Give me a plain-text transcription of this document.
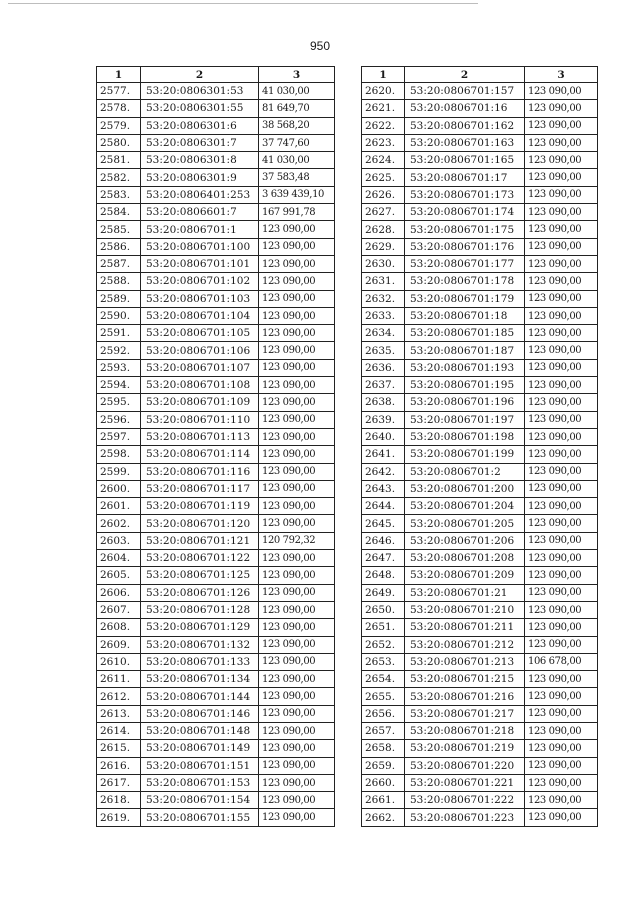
950
1	2	3
2577.	53:20:0806301:53	41 030,00
2578.	53:20:0806301:55	81 649,70
2579.	53:20:0806301:6	38 568,20
2580.	53:20:0806301:7	37 747,60
2581.	53:20:0806301:8	41 030,00
2582.	53:20:0806301:9	37 583,48
2583.	53:20:0806401:253	3 639 439,10
2584.	53:20:0806601:7	167 991,78
2585.	53:20:0806701:1	123 090,00
2586.	53:20:0806701:100	123 090,00
2587.	53:20:0806701:101	123 090,00
2588.	53:20:0806701:102	123 090,00
2589.	53:20:0806701:103	123 090,00
2590.	53:20:0806701:104	123 090,00
2591.	53:20:0806701:105	123 090,00
2592.	53:20:0806701:106	123 090,00
2593.	53:20:0806701:107	123 090,00
2594.	53:20:0806701:108	123 090,00
2595.	53:20:0806701:109	123 090,00
2596.	53:20:0806701:110	123 090,00
2597.	53:20:0806701:113	123 090,00
2598.	53:20:0806701:114	123 090,00
2599.	53:20:0806701:116	123 090,00
2600.	53:20:0806701:117	123 090,00
2601.	53:20:0806701:119	123 090,00
2602.	53:20:0806701:120	123 090,00
2603.	53:20:0806701:121	120 792,32
2604.	53:20:0806701:122	123 090,00
2605.	53:20:0806701:125	123 090,00
2606.	53:20:0806701:126	123 090,00
2607.	53:20:0806701:128	123 090,00
2608.	53:20:0806701:129	123 090,00
2609.	53:20:0806701:132	123 090,00
2610.	53:20:0806701:133	123 090,00
2611.	53:20:0806701:134	123 090,00
2612.	53:20:0806701:144	123 090,00
2613.	53:20:0806701:146	123 090,00
2614.	53:20:0806701:148	123 090,00
2615.	53:20:0806701:149	123 090,00
2616.	53:20:0806701:151	123 090,00
2617.	53:20:0806701:153	123 090,00
2618.	53:20:0806701:154	123 090,00
2619.	53:20:0806701:155	123 090,00
1	2	3
2620.	53:20:0806701:157	123 090,00
2621.	53:20:0806701:16	123 090,00
2622.	53:20:0806701:162	123 090,00
2623.	53:20:0806701:163	123 090,00
2624.	53:20:0806701:165	123 090,00
2625.	53:20:0806701:17	123 090,00
2626.	53:20:0806701:173	123 090,00
2627.	53:20:0806701:174	123 090,00
2628.	53:20:0806701:175	123 090,00
2629.	53:20:0806701:176	123 090,00
2630.	53:20:0806701:177	123 090,00
2631.	53:20:0806701:178	123 090,00
2632.	53:20:0806701:179	123 090,00
2633.	53:20:0806701:18	123 090,00
2634.	53:20:0806701:185	123 090,00
2635.	53:20:0806701:187	123 090,00
2636.	53:20:0806701:193	123 090,00
2637.	53:20:0806701:195	123 090,00
2638.	53:20:0806701:196	123 090,00
2639.	53:20:0806701:197	123 090,00
2640.	53:20:0806701:198	123 090,00
2641.	53:20:0806701:199	123 090,00
2642.	53:20:0806701:2	123 090,00
2643.	53:20:0806701:200	123 090,00
2644.	53:20:0806701:204	123 090,00
2645.	53:20:0806701:205	123 090,00
2646.	53:20:0806701:206	123 090,00
2647.	53:20:0806701:208	123 090,00
2648.	53:20:0806701:209	123 090,00
2649.	53:20:0806701:21	123 090,00
2650.	53:20:0806701:210	123 090,00
2651.	53:20:0806701:211	123 090,00
2652.	53:20:0806701:212	123 090,00
2653.	53:20:0806701:213	106 678,00
2654.	53:20:0806701:215	123 090,00
2655.	53:20:0806701:216	123 090,00
2656.	53:20:0806701:217	123 090,00
2657.	53:20:0806701:218	123 090,00
2658.	53:20:0806701:219	123 090,00
2659.	53:20:0806701:220	123 090,00
2660.	53:20:0806701:221	123 090,00
2661.	53:20:0806701:222	123 090,00
2662.	53:20:0806701:223	123 090,00
